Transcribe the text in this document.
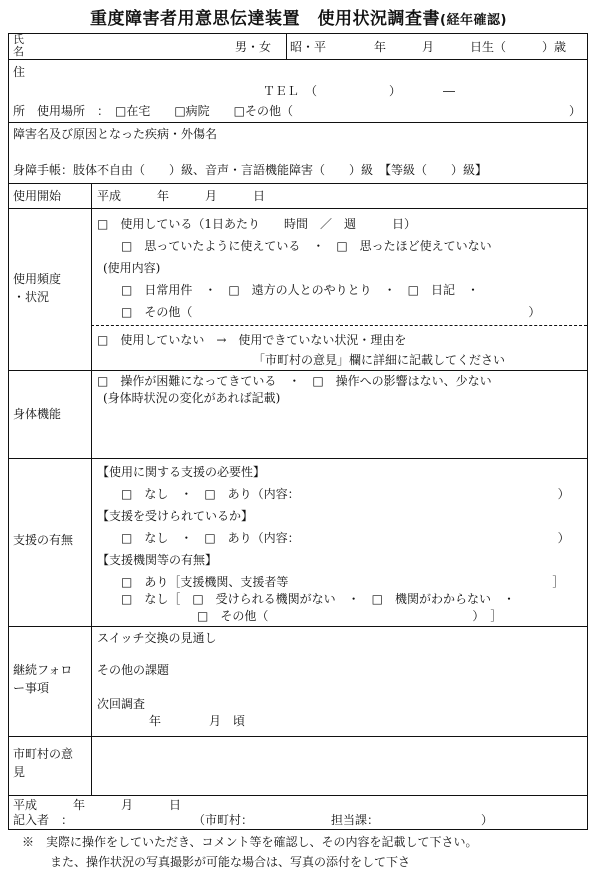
重度障害者用意思伝達装置　使用状況調査書(経年確認)
氏
名	男・女 昭・平　　　　年　　　月　　　日生（　　　）歳
住
ＴＥＬ　（　　　　　　）　　　　―
所　使用場所　：　□在宅　　□病院　　□その他（　　　　　　　　　　　　　　　　　　　　　　　）
障害名及び原因となった疾病・外傷名
身障手帳：肢体不自由（　　）級、音声・言語機能障害（　　）級　【等級（　　）級】
使用開始	平成　　　年　　　月　　　日
使用頻度
・状況
□　使用している（1日あたり　　時間　／　週　　　日）
□　思っていたように使えている　・　□　思ったほど使えていない
(使用内容)
□　日常用件　・　□　遠方の人とのやりとり　・　□　日記　・
□　その他（　　　　　　　　　　　　　　　　　　　　　　　　　　　　）
□　使用していない　→　使用できていない状況・理由を
「市町村の意見」欄に詳細に記載してください
身体機能
□　操作が困難になってきている　・　□　操作への影響はない、少ない
(身体時状況の変化があれば記載)
支援の有無
【使用に関する支援の必要性】
□　なし　・　□　あり（内容：　　　　　　　　　　　　　　　　　　　　　　）
【支援を受けられているか】
□　なし　・　□　あり（内容：　　　　　　　　　　　　　　　　　　　　　　）
【支援機関等の有無】
□　あり［支援機関、支援者等　　　　　　　　　　　　　　　　　　　　　　］
□　なし［　□　受けられる機関がない　・　□　機関がわからない　・
□　その他（　　　　　　　　　　　　　　　　　）　］
継続フォロ
ー事項
スイッチ交換の見通し
その他の課題
次回調査
年　　　　月　頃
市町村の意
見
平成　　　年　　　月　　　日
記入者　：　　　　　　　　　　　（市町村：　　　　　　　担当課：　　　　　　　　　）
※　実際に操作をしていただき、コメント等を確認し、その内容を記載して下さい。
また、操作状況の写真撮影が可能な場合は、写真の添付をして下さ
